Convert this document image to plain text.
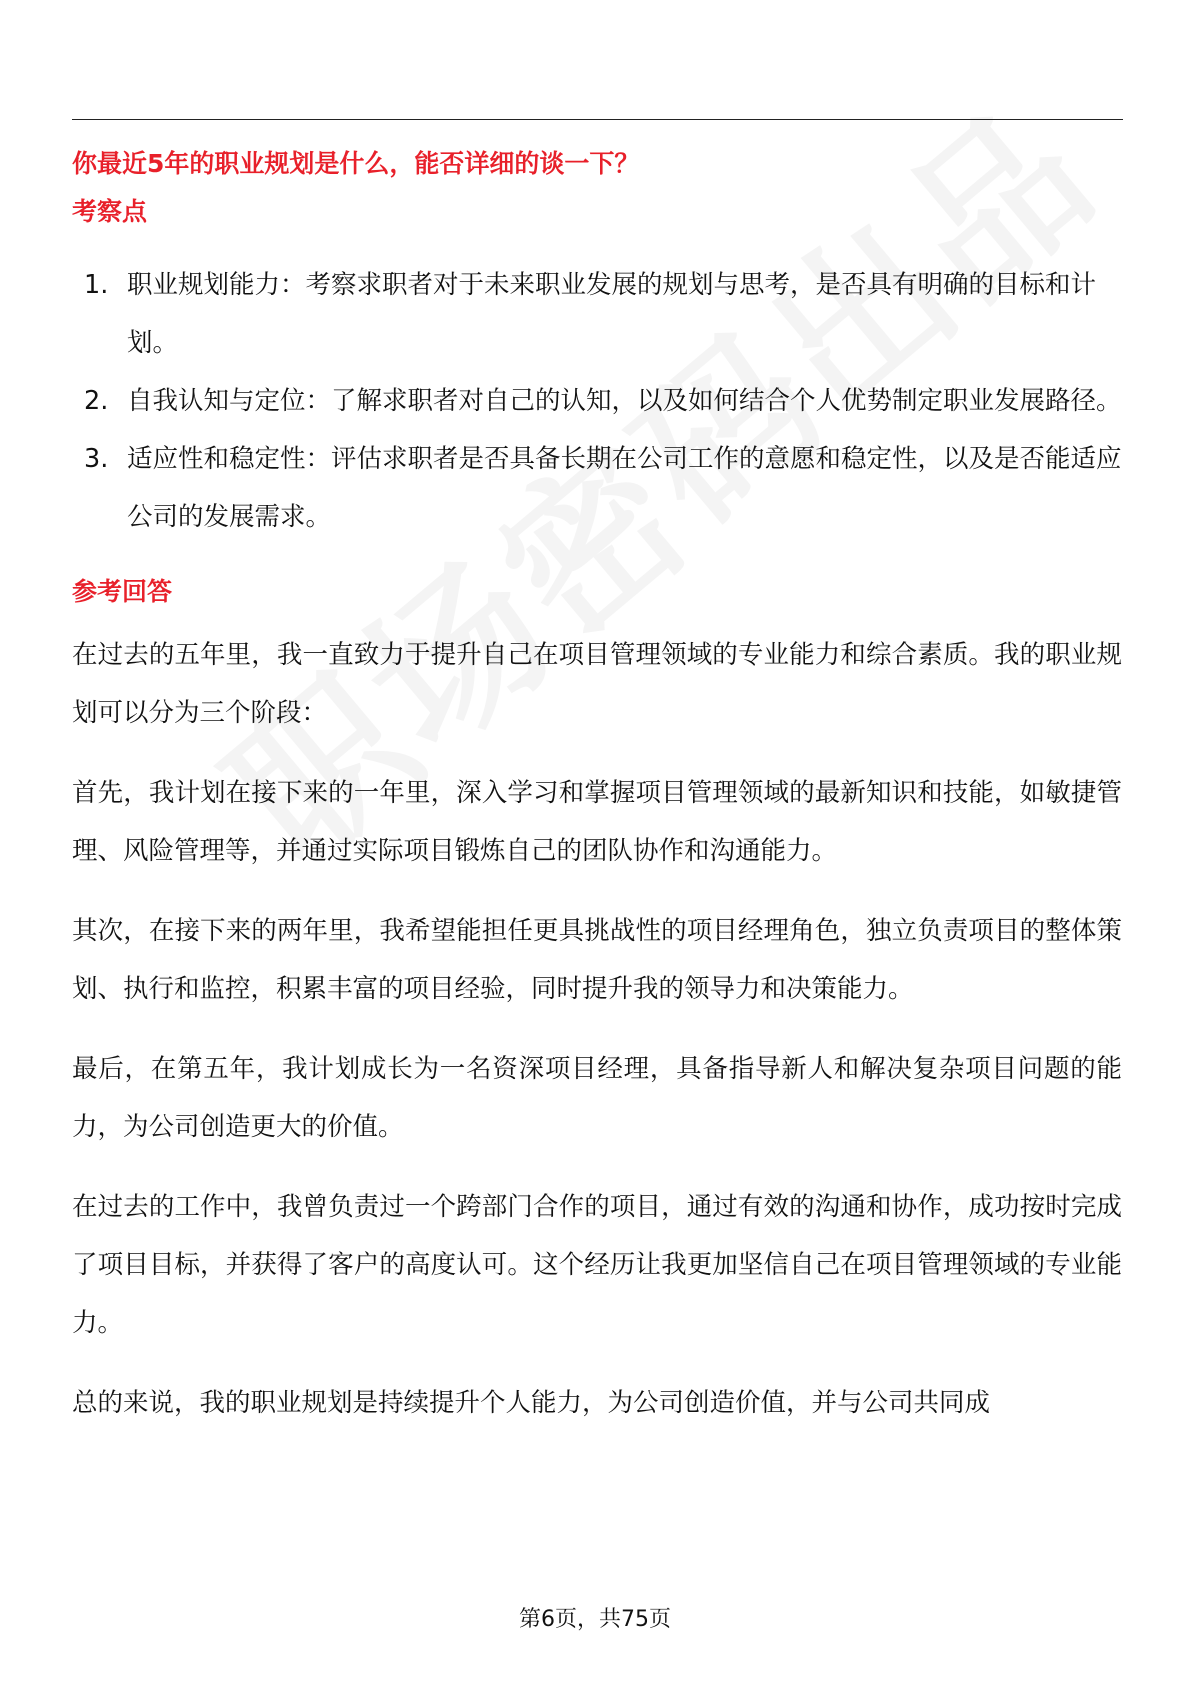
你最近5年的职业规划是什么，能否详细的谈一下？
考察点
1. 职业规划能力：考察求职者对于未来职业发展的规划与思考，是否具有明确的目标和计划。
2. 自我认知与定位：了解求职者对自己的认知，以及如何结合个人优势制定职业发展路径。
3. 适应性和稳定性：评估求职者是否具备长期在公司工作的意愿和稳定性，以及是否能适应公司的发展需求。
参考回答

在过去的五年里，我一直致力于提升自己在项目管理领域的专业能力和综合素质。我的职业规划可以分为三个阶段：

首先，我计划在接下来的一年里，深入学习和掌握项目管理领域的最新知识和技能，如敏捷管理、风险管理等，并通过实际项目锻炼自己的团队协作和沟通能力。

其次，在接下来的两年里，我希望能担任更具挑战性的项目经理角色，独立负责项目的整体策划、执行和监控，积累丰富的项目经验，同时提升我的领导力和决策能力。

最后，在第五年，我计划成长为一名资深项目经理，具备指导新人和解决复杂项目问题的能力，为公司创造更大的价值。

在过去的工作中，我曾负责过一个跨部门合作的项目，通过有效的沟通和协作，成功按时完成了项目目标，并获得了客户的高度认可。这个经历让我更加坚信自己在项目管理领域的专业能力。

总的来说，我的职业规划是持续提升个人能力，为公司创造价值，并与公司共同成

第6页，共75页
